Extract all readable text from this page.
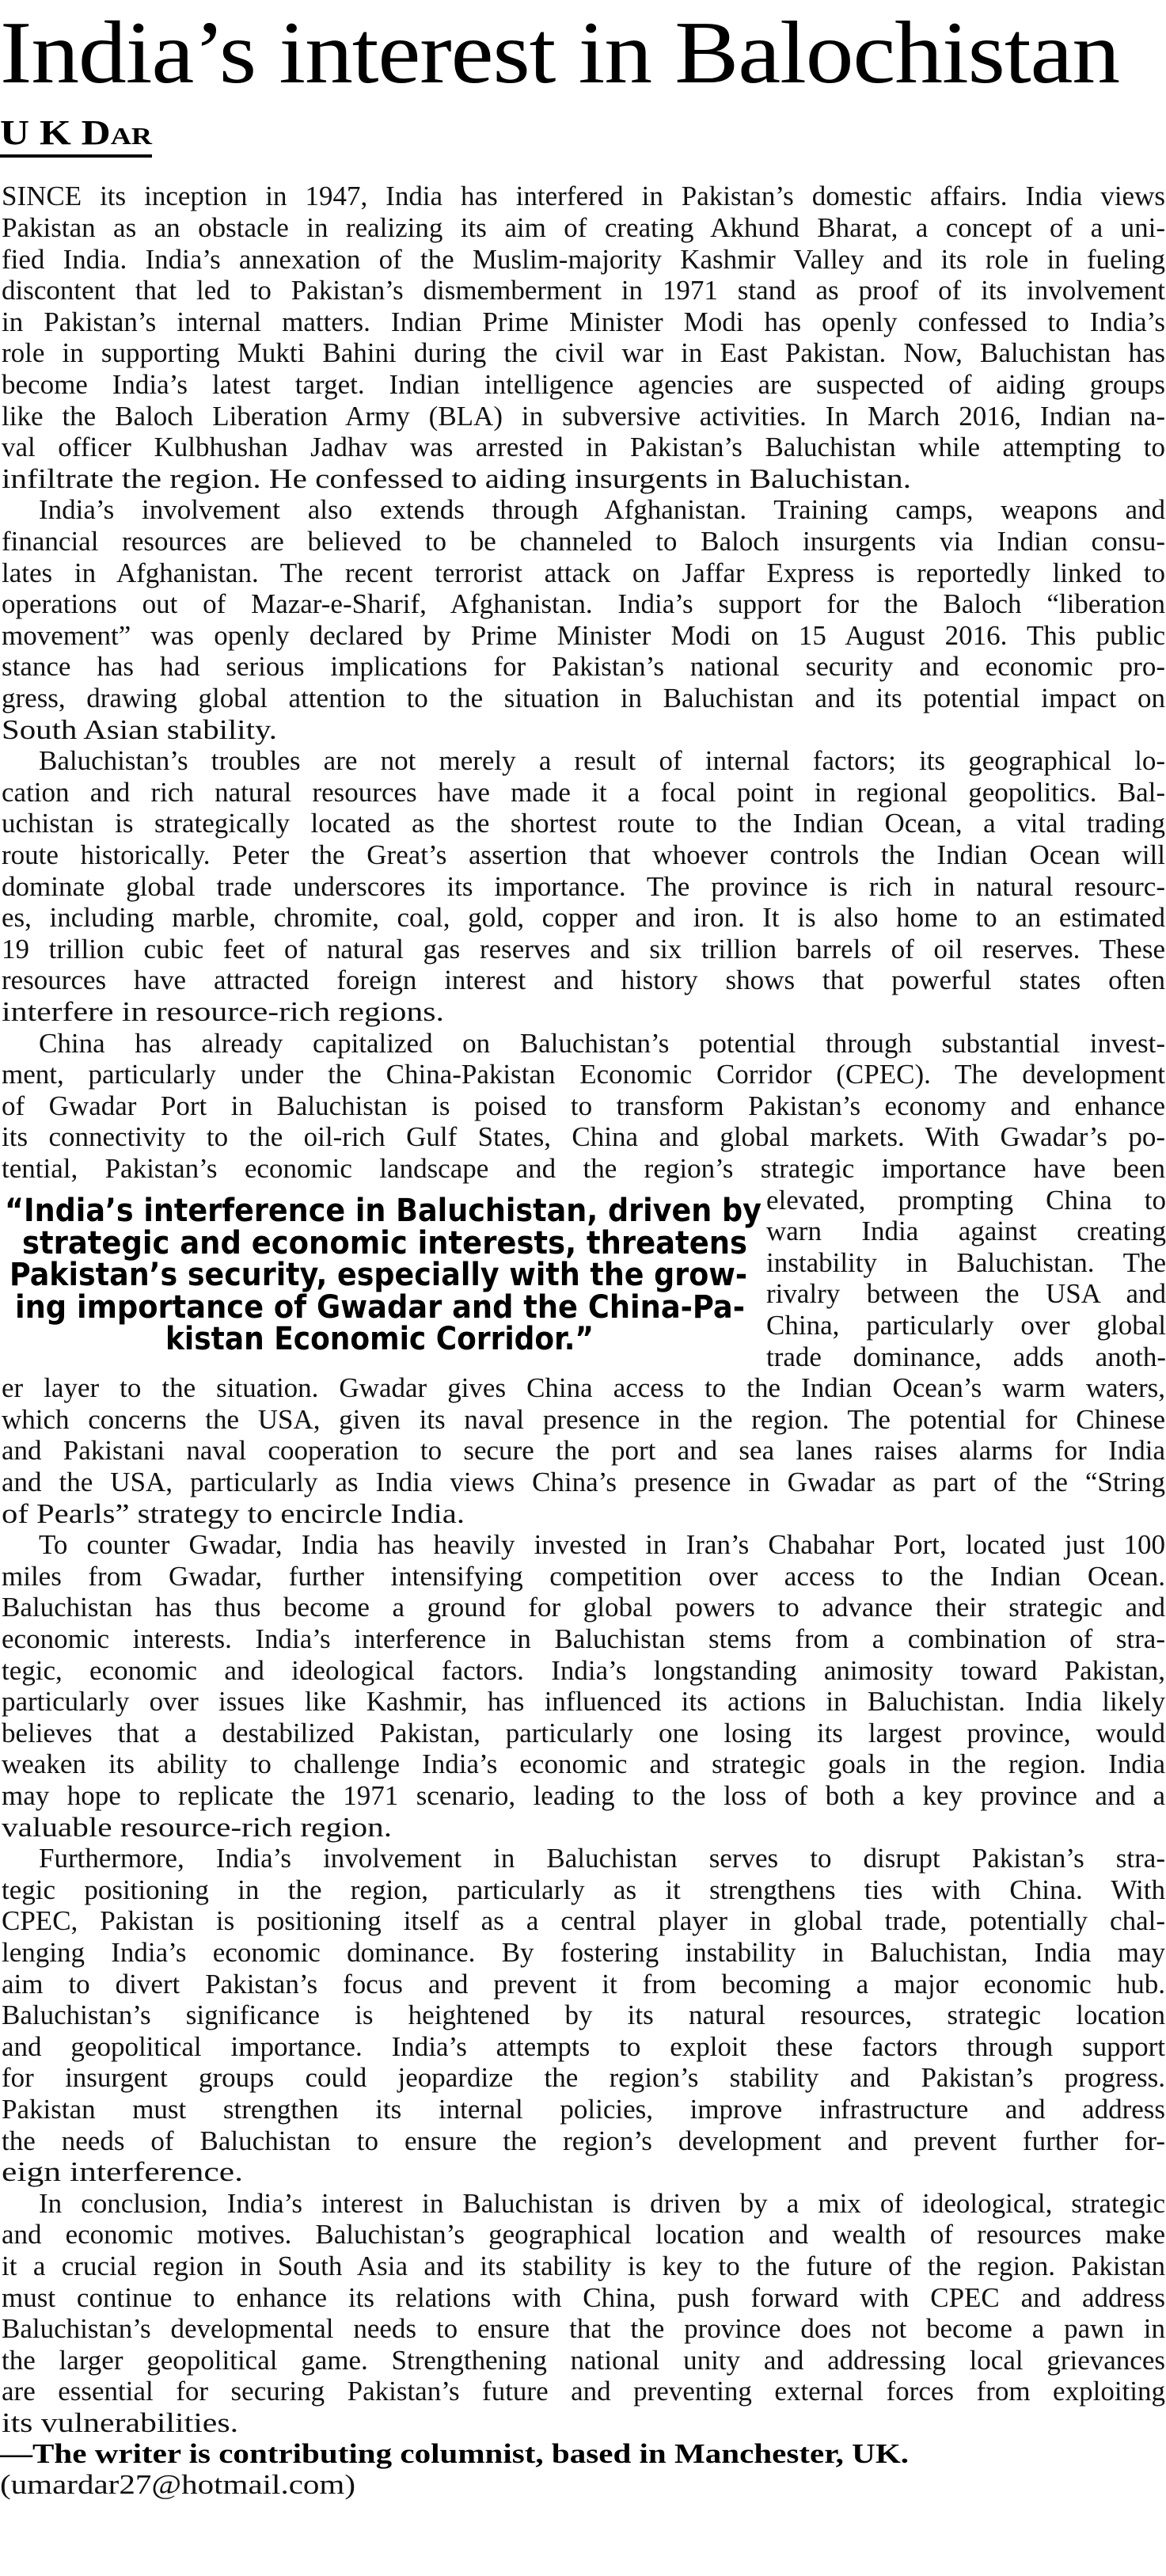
India’s interest in Balochistan
U K Dar
SINCE its inception in 1947, India has interfered in Pakistan’s domestic affairs. India views
Pakistan as an obstacle in realizing its aim of creating Akhund Bharat, a concept of a uni-
fied India. India’s annexation of the Muslim-majority Kashmir Valley and its role in fueling
discontent that led to Pakistan’s dismemberment in 1971 stand as proof of its involvement
in Pakistan’s internal matters. Indian Prime Minister Modi has openly confessed to India’s
role in supporting Mukti Bahini during the civil war in East Pakistan. Now, Baluchistan has
become India’s latest target. Indian intelligence agencies are suspected of aiding groups
like the Baloch Liberation Army (BLA) in subversive activities. In March 2016, Indian na-
val officer Kulbhushan Jadhav was arrested in Pakistan’s Baluchistan while attempting to
infiltrate the region. He confessed to aiding insurgents in Baluchistan.
India’s involvement also extends through Afghanistan. Training camps, weapons and
financial resources are believed to be channeled to Baloch insurgents via Indian consu-
lates in Afghanistan. The recent terrorist attack on Jaffar Express is reportedly linked to
operations out of Mazar-e-Sharif, Afghanistan. India’s support for the Baloch “liberation
movement” was openly declared by Prime Minister Modi on 15 August 2016. This public
stance has had serious implications for Pakistan’s national security and economic pro-
gress, drawing global attention to the situation in Baluchistan and its potential impact on
South Asian stability.
Baluchistan’s troubles are not merely a result of internal factors; its geographical lo-
cation and rich natural resources have made it a focal point in regional geopolitics. Bal-
uchistan is strategically located as the shortest route to the Indian Ocean, a vital trading
route historically. Peter the Great’s assertion that whoever controls the Indian Ocean will
dominate global trade underscores its importance. The province is rich in natural resourc-
es, including marble, chromite, coal, gold, copper and iron. It is also home to an estimated
19 trillion cubic feet of natural gas reserves and six trillion barrels of oil reserves. These
resources have attracted foreign interest and history shows that powerful states often
interfere in resource-rich regions.
China has already capitalized on Baluchistan’s potential through substantial invest-
ment, particularly under the China-Pakistan Economic Corridor (CPEC). The development
of Gwadar Port in Baluchistan is poised to transform Pakistan’s economy and enhance
its connectivity to the oil-rich Gulf States, China and global markets. With Gwadar’s po-
tential, Pakistan’s economic landscape and the region’s strategic importance have been
elevated, prompting China to
warn India against creating
instability in Baluchistan. The
rivalry between the USA and
China, particularly over global
trade dominance, adds anoth-
er layer to the situation. Gwadar gives China access to the Indian Ocean’s warm waters,
which concerns the USA, given its naval presence in the region. The potential for Chinese
and Pakistani naval cooperation to secure the port and sea lanes raises alarms for India
and the USA, particularly as India views China’s presence in Gwadar as part of the “String
of Pearls” strategy to encircle India.
To counter Gwadar, India has heavily invested in Iran’s Chabahar Port, located just 100
miles from Gwadar, further intensifying competition over access to the Indian Ocean.
Baluchistan has thus become a ground for global powers to advance their strategic and
economic interests. India’s interference in Baluchistan stems from a combination of stra-
tegic, economic and ideological factors. India’s longstanding animosity toward Pakistan,
particularly over issues like Kashmir, has influenced its actions in Baluchistan. India likely
believes that a destabilized Pakistan, particularly one losing its largest province, would
weaken its ability to challenge India’s economic and strategic goals in the region. India
may hope to replicate the 1971 scenario, leading to the loss of both a key province and a
valuable resource-rich region.
Furthermore, India’s involvement in Baluchistan serves to disrupt Pakistan’s stra-
tegic positioning in the region, particularly as it strengthens ties with China. With
CPEC, Pakistan is positioning itself as a central player in global trade, potentially chal-
lenging India’s economic dominance. By fostering instability in Baluchistan, India may
aim to divert Pakistan’s focus and prevent it from becoming a major economic hub.
Baluchistan’s significance is heightened by its natural resources, strategic location
and geopolitical importance. India’s attempts to exploit these factors through support
for insurgent groups could jeopardize the region’s stability and Pakistan’s progress.
Pakistan must strengthen its internal policies, improve infrastructure and address
the needs of Baluchistan to ensure the region’s development and prevent further for-
eign interference.
In conclusion, India’s interest in Baluchistan is driven by a mix of ideological, strategic
and economic motives. Baluchistan’s geographical location and wealth of resources make
it a crucial region in South Asia and its stability is key to the future of the region. Pakistan
must continue to enhance its relations with China, push forward with CPEC and address
Baluchistan’s developmental needs to ensure that the province does not become a pawn in
the larger geopolitical game. Strengthening national unity and addressing local grievances
are essential for securing Pakistan’s future and preventing external forces from exploiting
its vulnerabilities.
“India’s interference in Baluchistan, driven by
strategic and economic interests, threatens
Pakistan’s security, especially with the grow-
ing importance of Gwadar and the China-Pa-
kistan Economic Corridor.”
—The writer is contributing columnist, based in Manchester, UK.
(umardar27@hotmail.com)
